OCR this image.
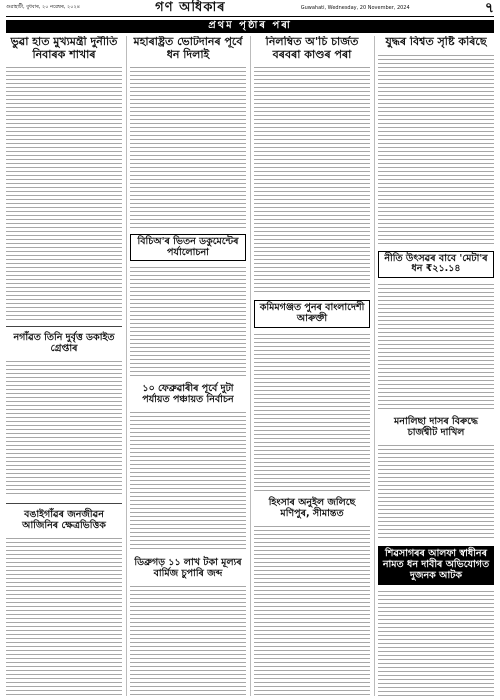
গুৱাহাটী, বুধবাৰ, ২০ নৱেম্বৰ, ২০২৪	গণ অধিকাৰ	Guwahati, Wednesday, 20 November, 2024	৭
প্ৰথম পৃষ্ঠাৰ পৰা
ভুৱা হাত মুখ্যমন্ত্ৰী দুৰ্নীতি নিবাৰক শাখাৰ
নগাঁৱত তিনি দুৰ্বৃত্ত ডকাইত গ্ৰেপ্তাৰ
বঙাইগাঁৱৰ জনজীৱন আজিনিৰ ক্ষেত্ৰভিত্তিক
মহাৰাষ্ট্ৰত ভোটদানৰ পূৰ্বে ধন দিলাই
বিচিঅ'ৰ ভিতন ডকুমেন্টেৰ পৰ্যালোচনা
১০ ফেব্ৰুৱাৰীৰ পূৰ্বে দুটা পৰ্যায়ত পঞ্চায়ত নিৰ্বাচন
ডিব্ৰুগড় ১১ লাখ টকা মূল্যৰ বাৰ্মিজ চুপাৰি জব্দ
নিলম্বিত অ'চি চাৰ্জত বৰবৰা কাণ্ডৰ পৰা
কমিমগঞ্জত পুনৰ বাংলাদেশী আৰুক্তী
হিংসাৰ অনুইল জলিছে মণিপুৰ, সীমান্তত
যুদ্ধৰ বিশ্বত সৃষ্টি কৰিছে
নীতি উৎসৱৰ বাবে 'মেটা'ৰ ধন ₹২১.১৪
মনালিছা দাসৰ বিৰুদ্ধে চাৰ্জশ্বীট দাখিল
শিৱসাগৰৰ আলফা স্বাধীনৰ নামত ধন দাবীৰ অভিযোগত দুজনক আটক
